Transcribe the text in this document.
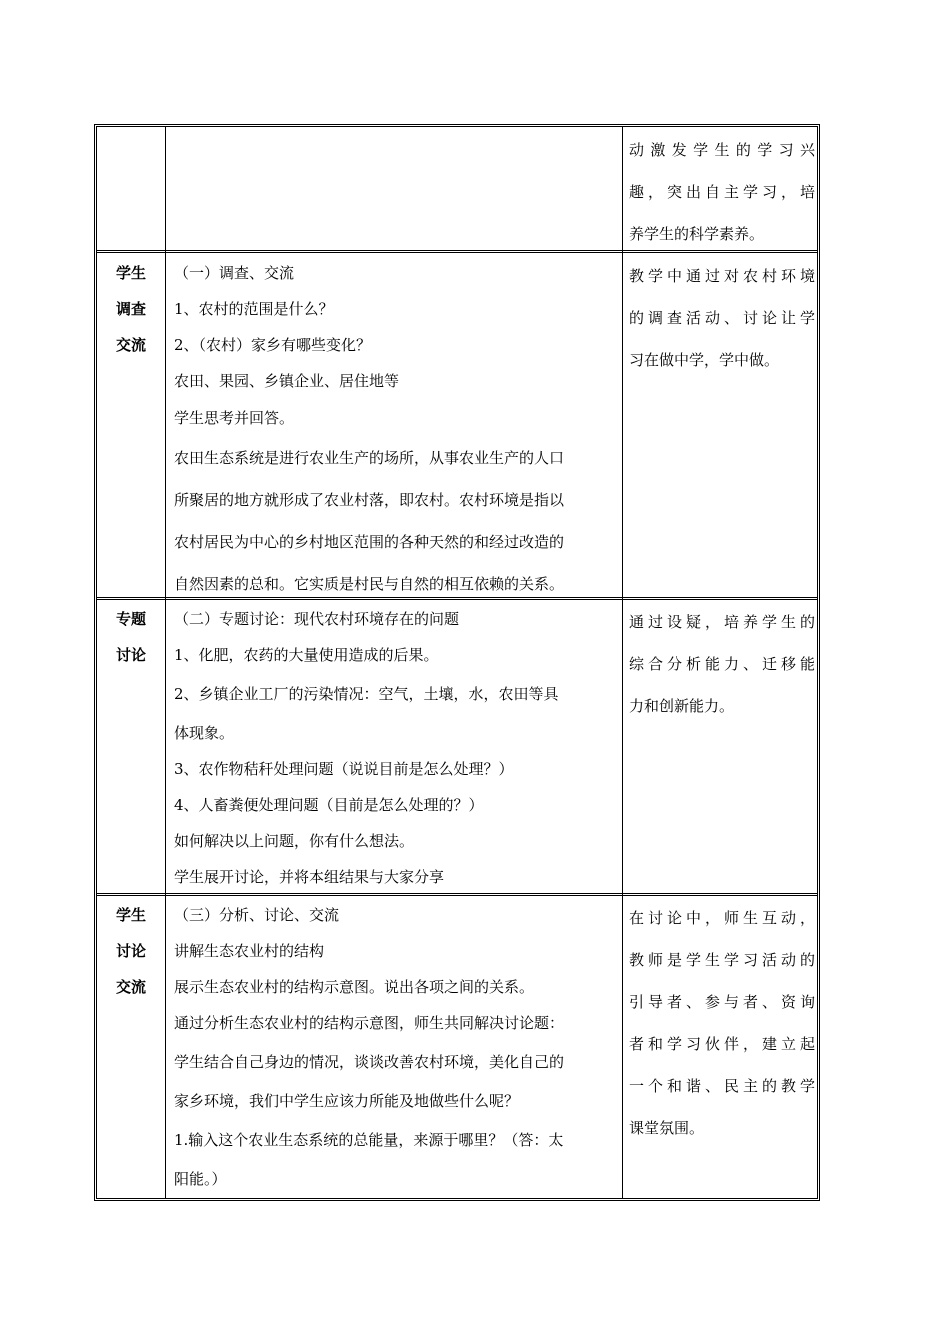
动激发学生的学习兴
趣，突出自主学习，培
养学生的科学素养。
学生
调查
交流
（一）调查、交流
1、农村的范围是什么？
2、（农村）家乡有哪些变化？
农田、果园、乡镇企业、居住地等
学生思考并回答。
农田生态系统是进行农业生产的场所，从事农业生产的人口
所聚居的地方就形成了农业村落，即农村。农村环境是指以
农村居民为中心的乡村地区范围的各种天然的和经过改造的
自然因素的总和。它实质是村民与自然的相互依赖的关系。
教学中通过对农村环境
的调查活动、讨论让学
习在做中学，学中做。
专题
讨论
（二）专题讨论：现代农村环境存在的问题
1、化肥，农药的大量使用造成的后果。
2、乡镇企业工厂的污染情况：空气，土壤，水，农田等具
体现象。
3、农作物秸秆处理问题（说说目前是怎么处理？）
4、人畜粪便处理问题（目前是怎么处理的？）
如何解决以上问题，你有什么想法。
学生展开讨论，并将本组结果与大家分享
通过设疑，培养学生的
综合分析能力、迁移能
力和创新能力。
学生
讨论
交流
（三）分析、讨论、交流
讲解生态农业村的结构
展示生态农业村的结构示意图。说出各项之间的关系。
通过分析生态农业村的结构示意图，师生共同解决讨论题：
学生结合自己身边的情况，谈谈改善农村环境，美化自己的
家乡环境，我们中学生应该力所能及地做些什么呢？
1.输入这个农业生态系统的总能量，来源于哪里？（答：太
阳能。）
在讨论中，师生互动，
教师是学生学习活动的
引导者、参与者、资询
者和学习伙伴，建立起
一个和谐、民主的教学
课堂氛围。
